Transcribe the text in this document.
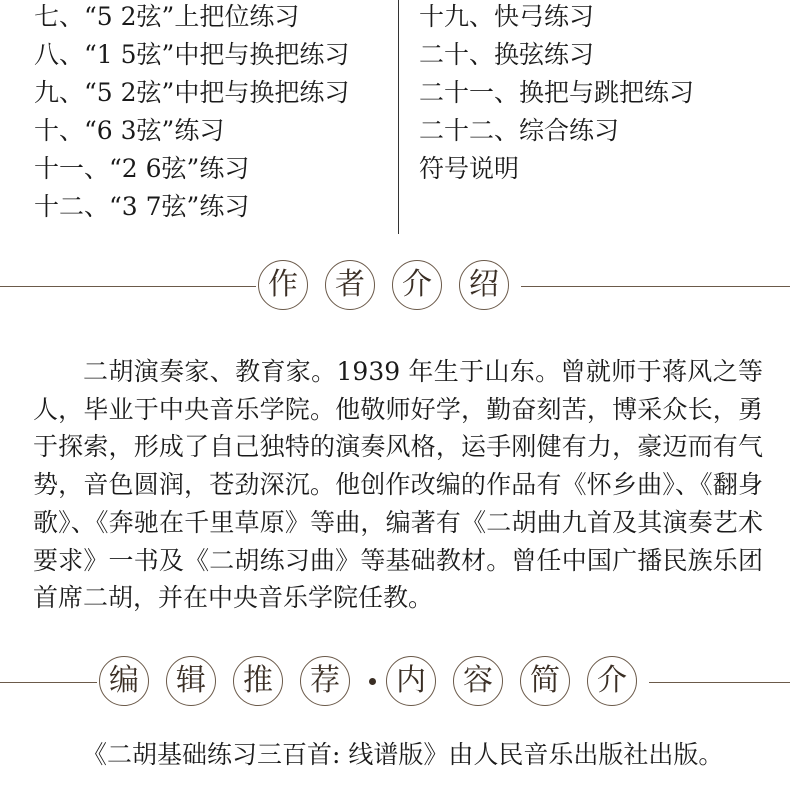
七、“5 2弦”上把位练习
八、“1 5弦”中把与换把练习
九、“5 2弦”中把与换把练习
十、“6 3弦”练习
十一、“2 6弦”练习
十二、“3 7弦”练习
十九、快弓练习
二十、换弦练习
二十一、换把与跳把练习
二十二、综合练习
符号说明
作	者	介	绍

二胡演奏家、教育家。1939 年生于山东。曾就师于蒋风之等人，毕业于中央音乐学院。他敬师好学，勤奋刻苦，博采众长，勇于探索，形成了自己独特的演奏风格，运手刚健有力，豪迈而有气势，音色圆润，苍劲深沉。他创作改编的作品有《怀乡曲》、《翻身歌》、《奔驰在千里草原》等曲，编著有《二胡曲九首及其演奏艺术要求》一书及《二胡练习曲》等基础教材。曾任中国广播民族乐团首席二胡，并在中央音乐学院任教。

编	辑	推	荐	内	容	简	介

《二胡基础练习三百首: 线谱版》由人民音乐出版社出版。
